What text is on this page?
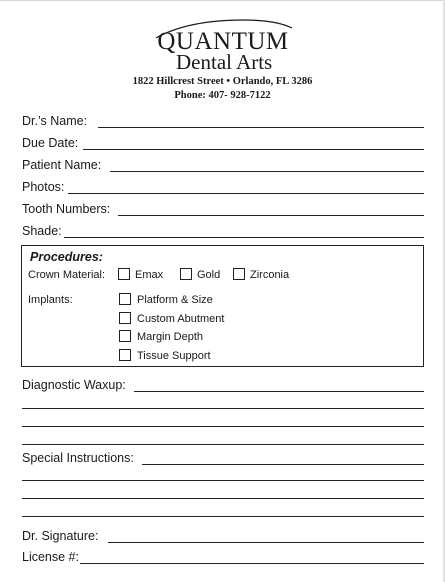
QUANTUM
Dental Arts
1822 Hillcrest Street • Orlando, FL 3286
Phone: 407- 928-7122
Dr.’s Name:
Due Date:
Patient Name:
Photos:
Tooth Numbers:
Shade:
Procedures:
Crown Material:	Emax	Gold	Zirconia
Implants:	Platform & Size
Custom Abutment
Margin Depth
Tissue Support
Diagnostic Waxup:
Special Instructions:
Dr. Signature:
License #:
